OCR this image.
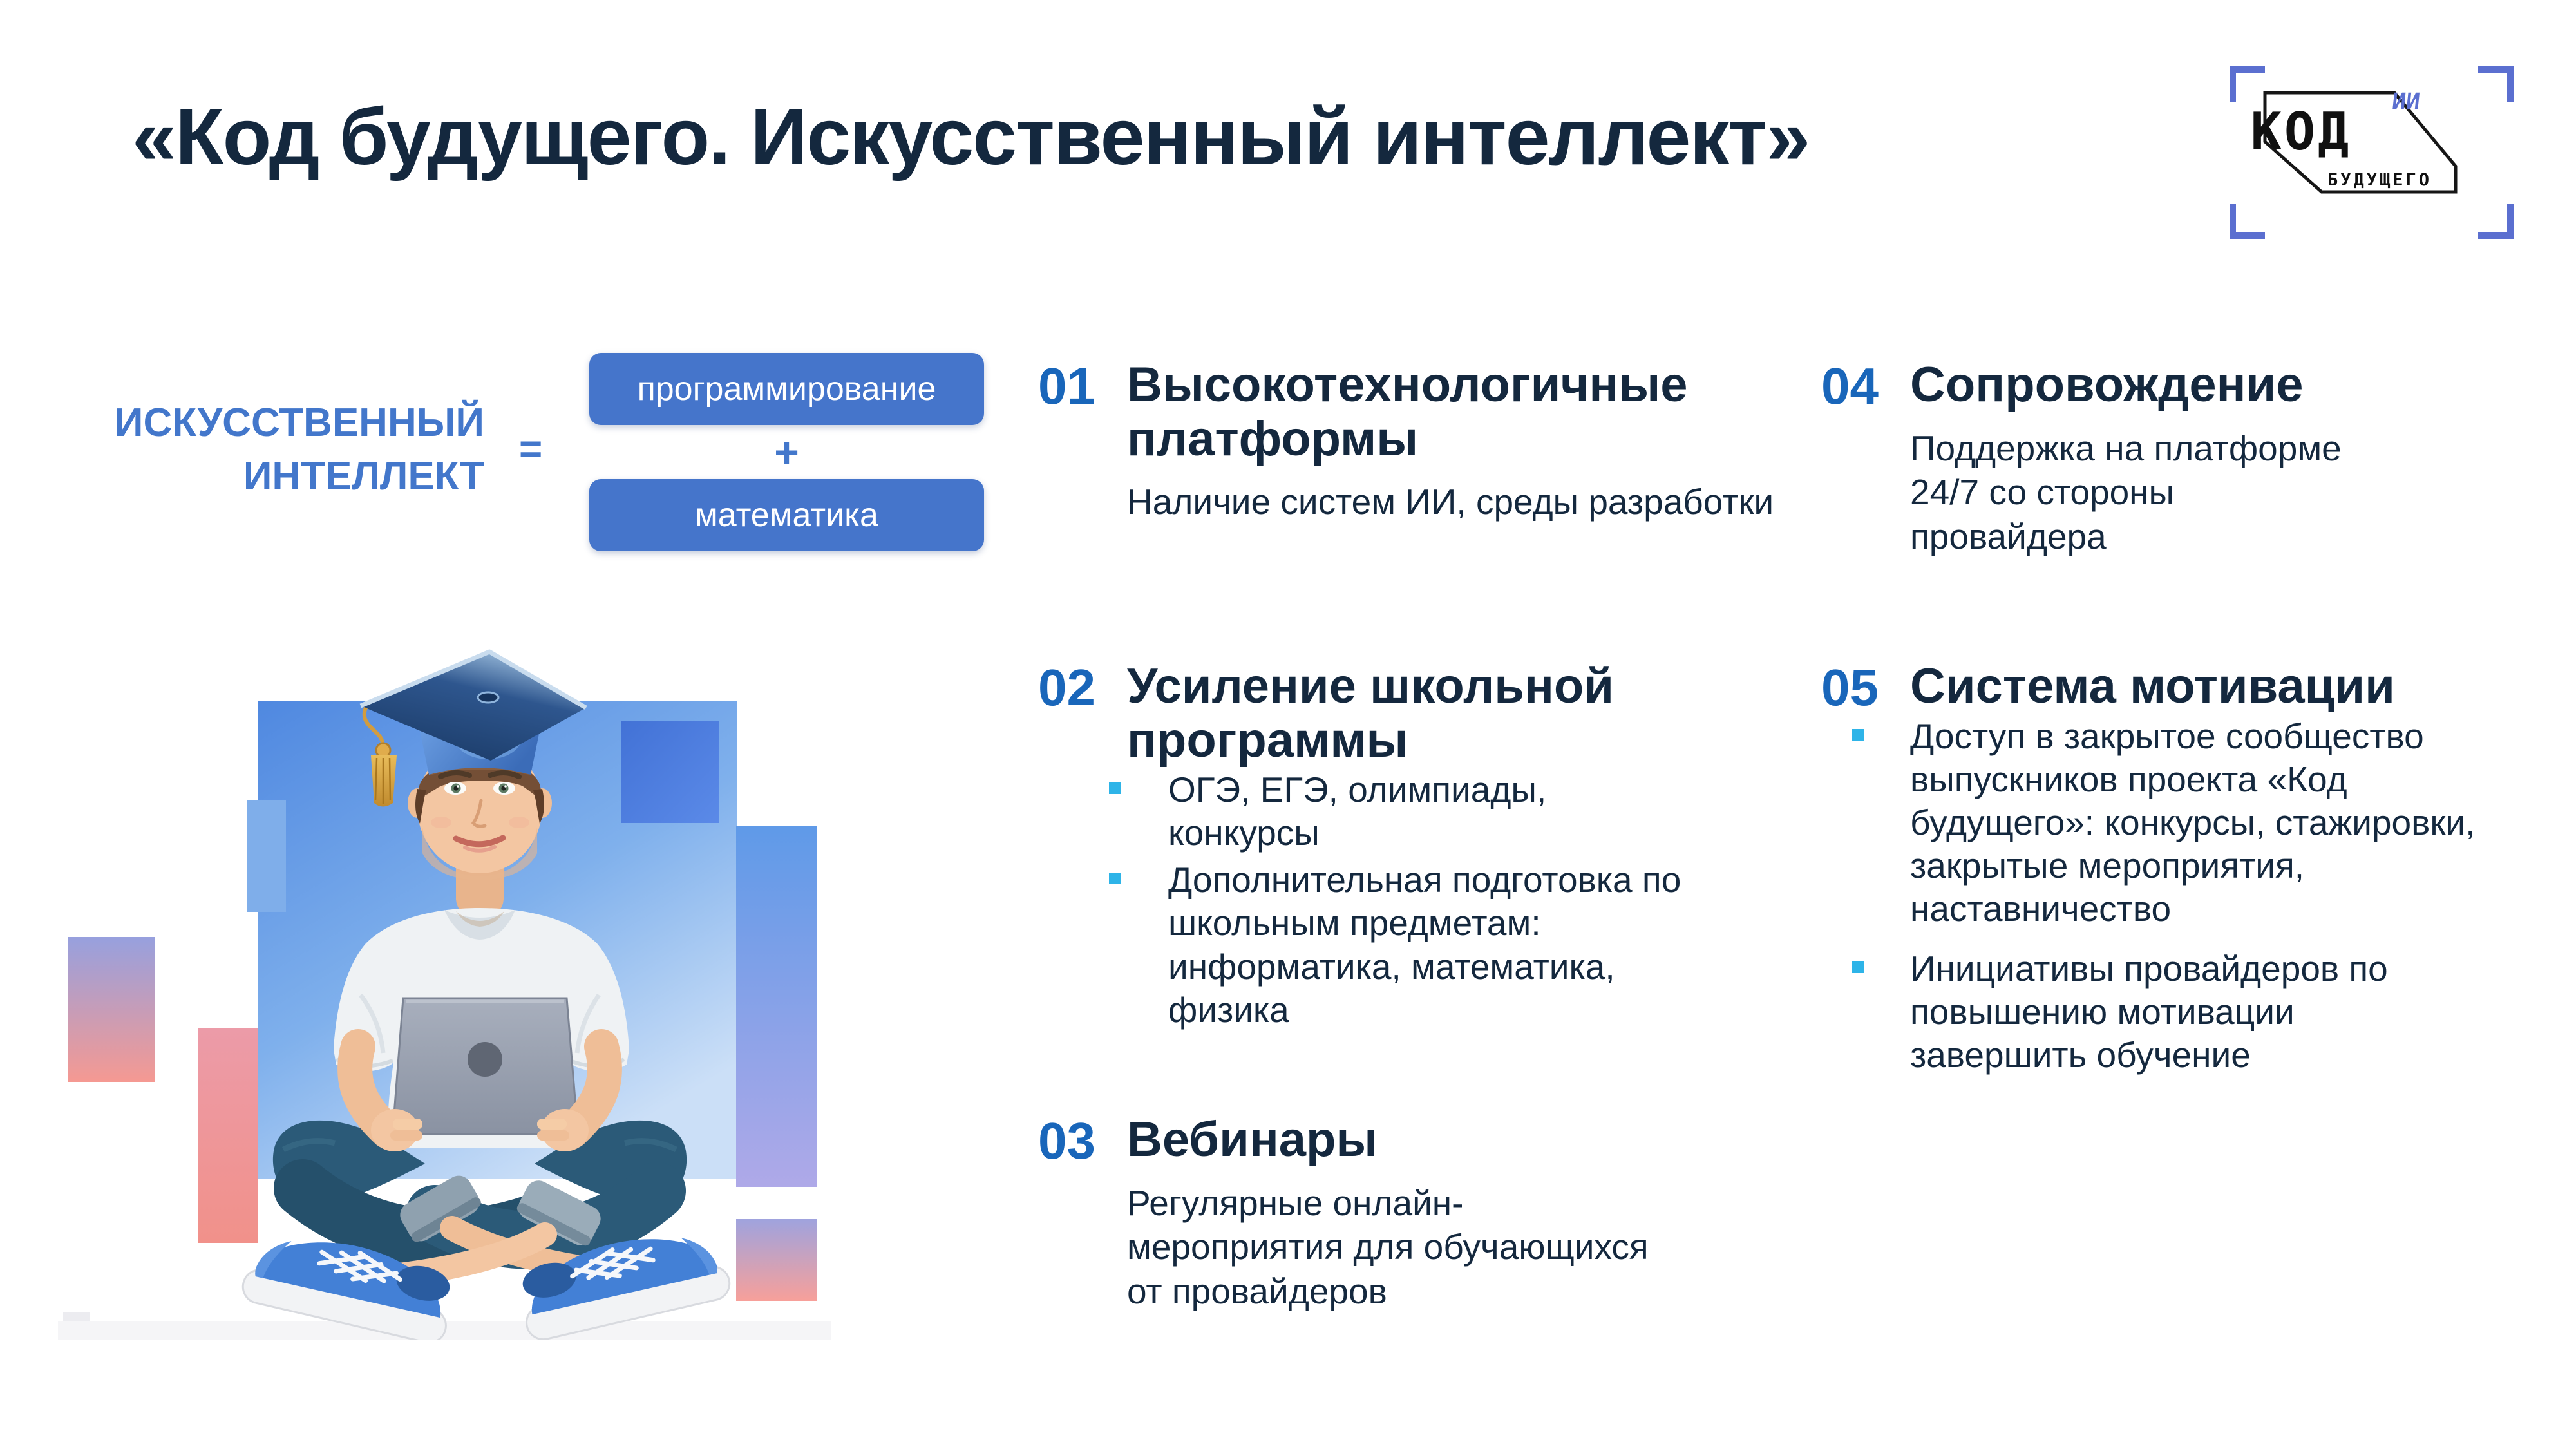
«Код будущего. Искусственный интеллект»	КОД
БУДУЩЕГО
ИИ
ИСКУССТВЕННЫЙ
ИНТЕЛЛЕКТ
=
программирование
+
математика
01 Высокотехнологичные платформы

Наличие систем ИИ, среды разработки

02 Усиление школьной программы
ОГЭ, ЕГЭ, олимпиады, конкурсы
Дополнительная подготовка по школьным предметам: информатика, математика, физика
03 Вебинары

Регулярные онлайн-мероприятия для обучающихся от провайдеров

04 Сопровождение

Поддержка на платформе 24/7 со стороны провайдера

05 Система мотивации
Доступ в закрытое сообщество выпускников проекта «Код будущего»: конкурсы, стажировки, закрытые мероприятия, наставничество
Инициативы провайдеров по повышению мотивации завершить обучение
